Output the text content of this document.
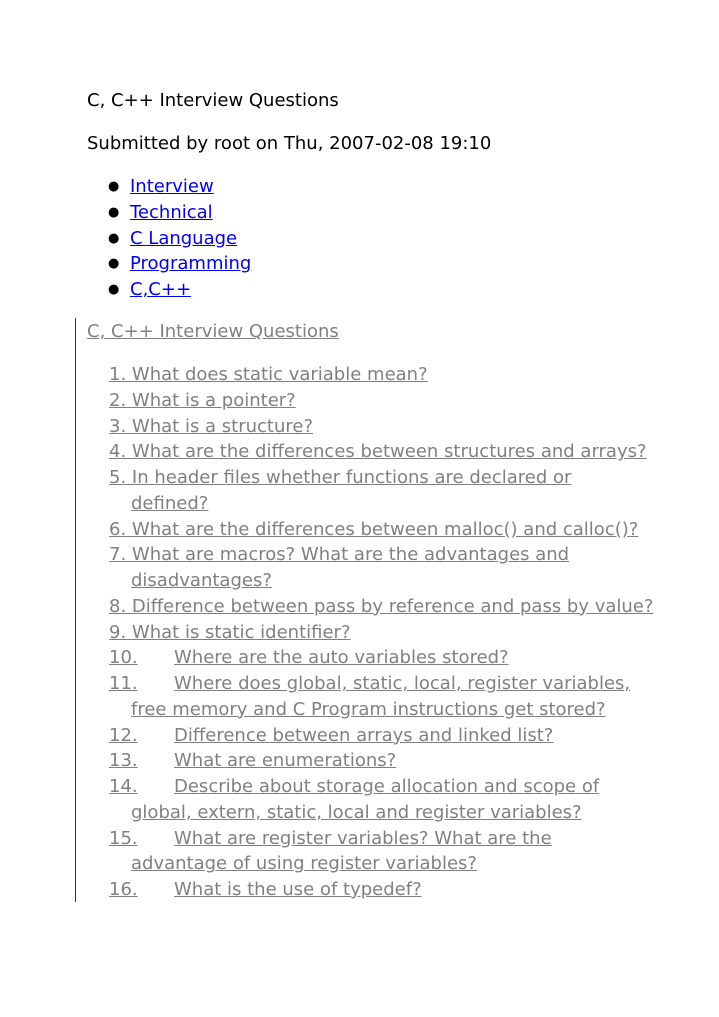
C, C++ Interview Questions
Submitted by root on Thu, 2007-02-08 19:10
● Interview
● Technical
● C Language
● Programming
● C,C++
C, C++ Interview Questions
1. What does static variable mean?
2. What is a pointer?
3. What is a structure?
4. What are the differences between structures and arrays?
5. In header files whether functions are declared or
defined?
6. What are the differences between malloc() and calloc()?
7. What are macros? What are the advantages and
disadvantages?
8. Difference between pass by reference and pass by value?
9. What is static identifier?
10. Where are the auto variables stored?
11. Where does global, static, local, register variables,
free memory and C Program instructions get stored?
12. Difference between arrays and linked list?
13. What are enumerations?
14. Describe about storage allocation and scope of
global, extern, static, local and register variables?
15. What are register variables? What are the
advantage of using register variables?
16. What is the use of typedef?
